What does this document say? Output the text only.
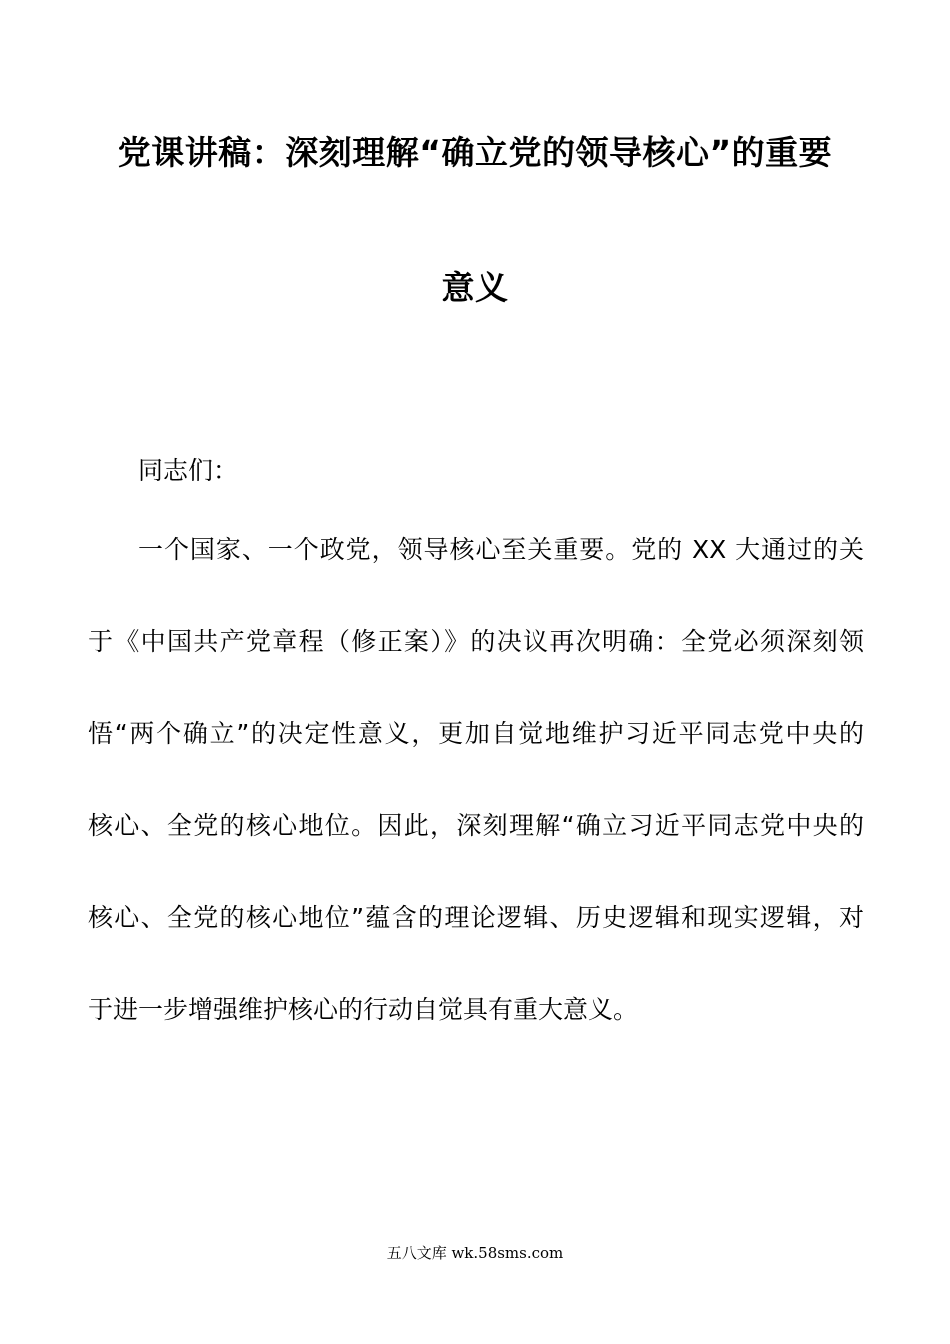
党课讲稿：深刻理解“确立党的领导核心”的重要
意义
同志们：
一个国家、一个政党，领导核心至关重要。党的 XX 大通过的关
于《中国共产党章程（修正案）》的决议再次明确：全党必须深刻领
悟“两个确立”的决定性意义，更加自觉地维护习近平同志党中央的
核心、全党的核心地位。因此，深刻理解“确立习近平同志党中央的
核心、全党的核心地位”蕴含的理论逻辑、历史逻辑和现实逻辑，对
于进一步增强维护核心的行动自觉具有重大意义。
五八文库 wk.58sms.com
